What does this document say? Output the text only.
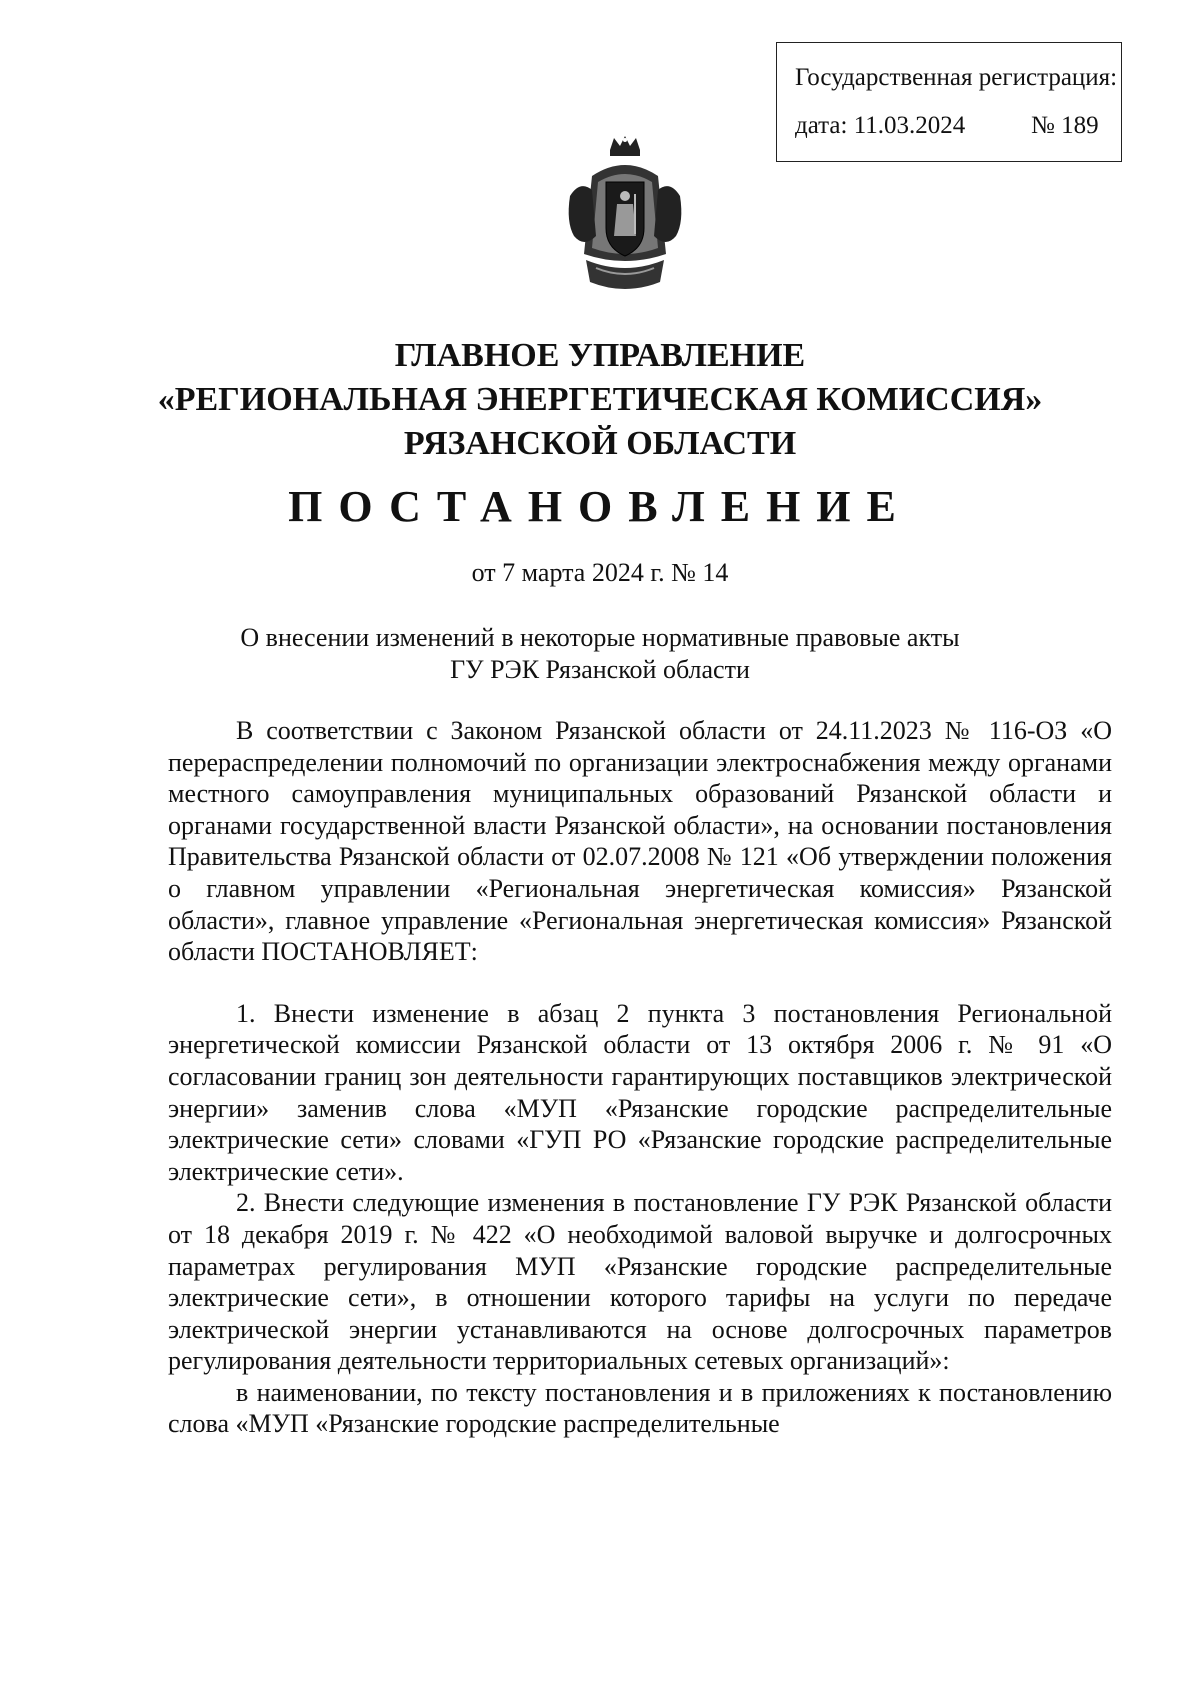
Государственная регистрация:
дата: 11.03.2024	№ 189
ГЛАВНОЕ УПРАВЛЕНИЕ
«РЕГИОНАЛЬНАЯ ЭНЕРГЕТИЧЕСКАЯ КОМИССИЯ»
РЯЗАНСКОЙ ОБЛАСТИ
ПОСТАНОВЛЕНИЕ
от 7 марта 2024 г. № 14
О внесении изменений в некоторые нормативные правовые акты
ГУ РЭК Рязанской области

В соответствии с Законом Рязанской области от 24.11.2023 № 116-ОЗ «О перераспределении полномочий по организации электроснабжения между органами местного самоуправления муниципальных образований Рязанской области и органами государственной власти Рязанской области», на основании постановления Правительства Рязанской области от 02.07.2008 № 121 «Об утверждении положения о главном управлении «Региональная энергетическая комиссия» Рязанской области», главное управление «Региональная энергетическая комиссия» Рязанской области ПОСТАНОВЛЯЕТ:

1. Внести изменение в абзац 2 пункта 3 постановления Региональной энергетической комиссии Рязанской области от 13 октября 2006 г. № 91 «О согласовании границ зон деятельности гарантирующих поставщиков электрической энергии» заменив слова «МУП «Рязанские городские распределительные электрические сети» словами «ГУП РО «Рязанские городские распределительные электрические сети».

2. Внести следующие изменения в постановление ГУ РЭК Рязанской области от 18 декабря 2019 г. № 422 «О необходимой валовой выручке и долгосрочных параметрах регулирования МУП «Рязанские городские распределительные электрические сети», в отношении которого тарифы на услуги по передаче электрической энергии устанавливаются на основе долгосрочных параметров регулирования деятельности территориальных сетевых организаций»:

в наименовании, по тексту постановления и в приложениях к постановлению слова «МУП «Рязанские городские распределительные
